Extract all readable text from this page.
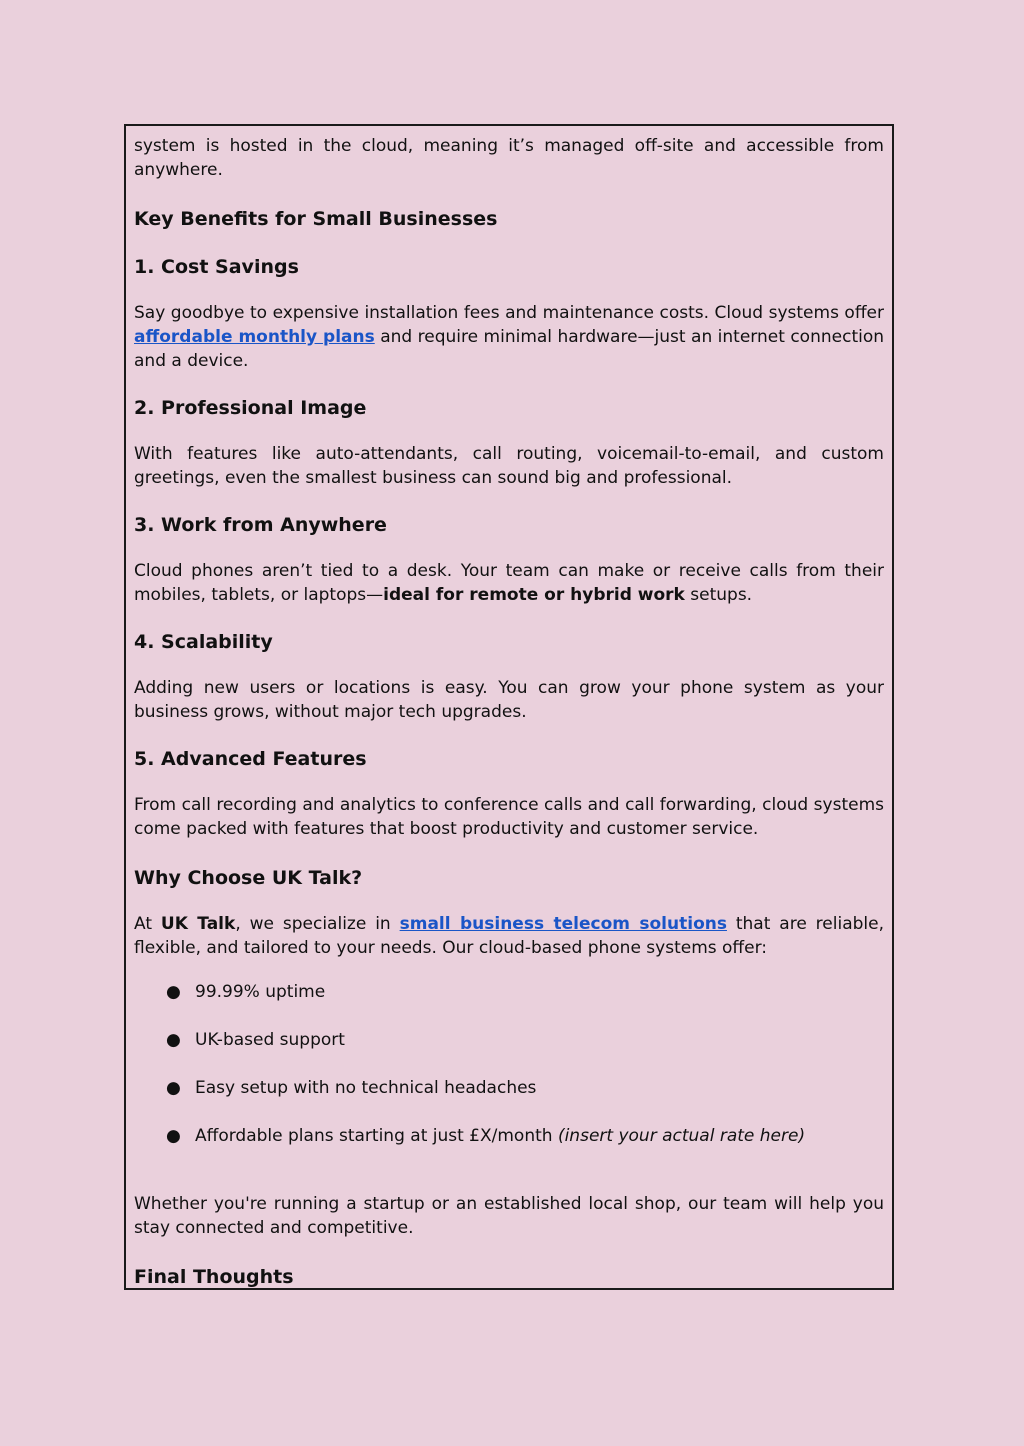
system is hosted in the cloud, meaning it’s managed off-site and accessible from anywhere.

Key Benefits for Small Businesses
1. Cost Savings

Say goodbye to expensive installation fees and maintenance costs. Cloud systems offer affordable monthly plans and require minimal hardware—just an internet connection and a device.

2. Professional Image

With features like auto-attendants, call routing, voicemail-to-email, and custom greetings, even the smallest business can sound big and professional.

3. Work from Anywhere

Cloud phones aren’t tied to a desk. Your team can make or receive calls from their mobiles, tablets, or laptops—ideal for remote or hybrid work setups.

4. Scalability

Adding new users or locations is easy. You can grow your phone system as your business grows, without major tech upgrades.

5. Advanced Features

From call recording and analytics to conference calls and call forwarding, cloud systems come packed with features that boost productivity and customer service.

Why Choose UK Talk?

At UK Talk, we specialize in small business telecom solutions that are reliable, flexible, and tailored to your needs. Our cloud-based phone systems offer:

● 99.99% uptime
● UK-based support
● Easy setup with no technical headaches
● Affordable plans starting at just £X/month (insert your actual rate here)

Whether you're running a startup or an established local shop, our team will help you stay connected and competitive.

Final Thoughts
